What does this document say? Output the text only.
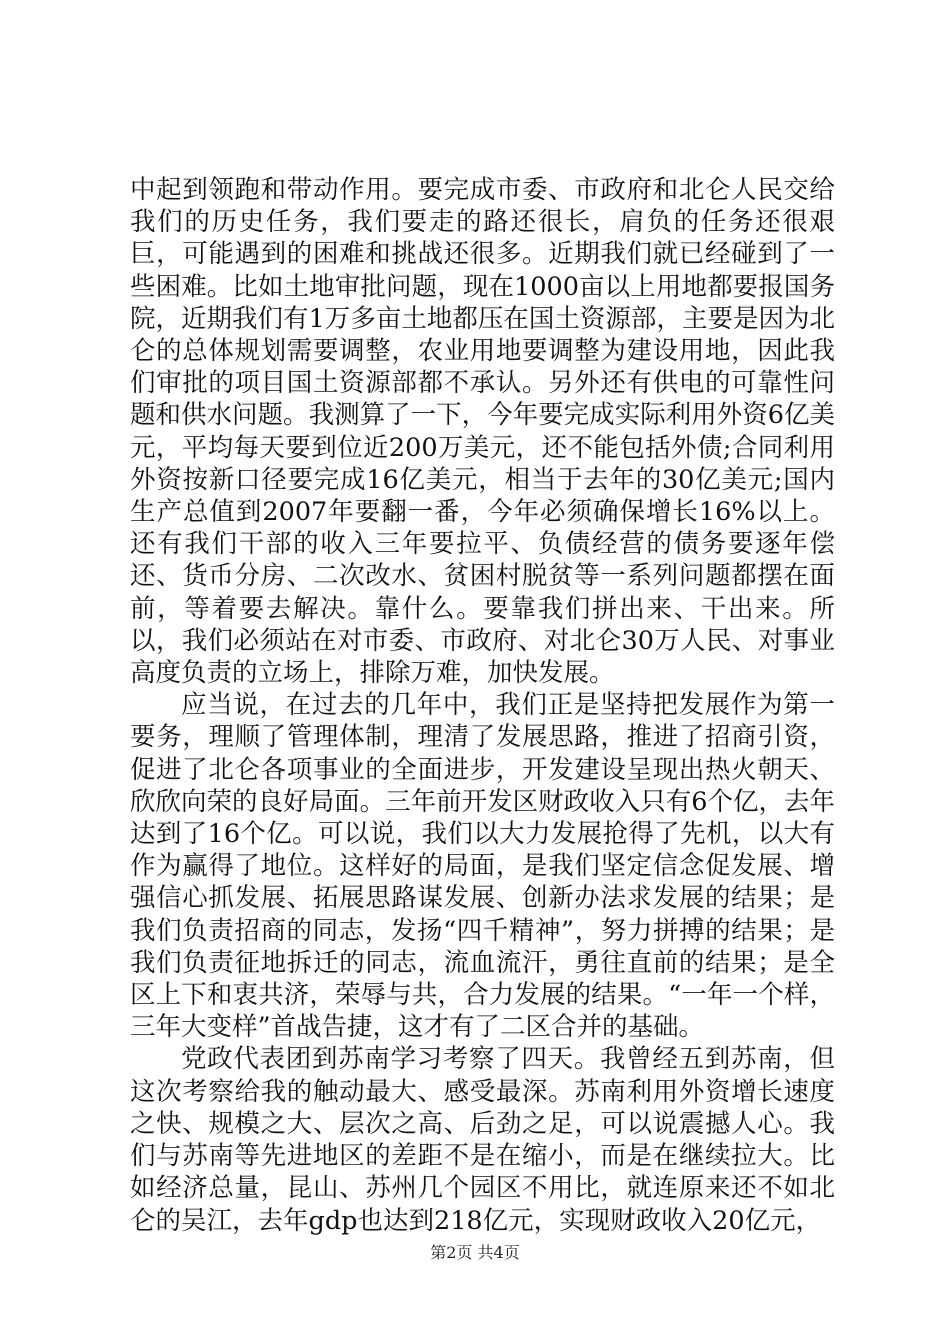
中起到领跑和带动作用。要完成市委、市政府和北仑人民交给我们的历史任务，我们要走的路还很长，肩负的任务还很艰巨，可能遇到的困难和挑战还很多。近期我们就已经碰到了一些困难。比如土地审批问题，现在1000亩以上用地都要报国务院，近期我们有1万多亩土地都压在国土资源部，主要是因为北仑的总体规划需要调整，农业用地要调整为建设用地，因此我们审批的项目国土资源部都不承认。另外还有供电的可靠性问题和供水问题。我测算了一下，今年要完成实际利用外资6亿美元，平均每天要到位近200万美元，还不能包括外债;合同利用外资按新口径要完成16亿美元，相当于去年的30亿美元;国内生产总值到2007年要翻一番，今年必须确保增长16%以上。还有我们干部的收入三年要拉平、负债经营的债务要逐年偿还、货币分房、二次改水、贫困村脱贫等一系列问题都摆在面前，等着要去解决。靠什么。要靠我们拼出来、干出来。所以，我们必须站在对市委、市政府、对北仑30万人民、对事业高度负责的立场上，排除万难，加快发展。

应当说，在过去的几年中，我们正是坚持把发展作为第一要务，理顺了管理体制，理清了发展思路，推进了招商引资，促进了北仑各项事业的全面进步，开发建设呈现出热火朝天、欣欣向荣的良好局面。三年前开发区财政收入只有6个亿，去年达到了16个亿。可以说，我们以大力发展抢得了先机，以大有作为赢得了地位。这样好的局面，是我们坚定信念促发展、增强信心抓发展、拓展思路谋发展、创新办法求发展的结果；是我们负责招商的同志，发扬“四千精神”，努力拼搏的结果；是我们负责征地拆迁的同志，流血流汗，勇往直前的结果；是全区上下和衷共济，荣辱与共，合力发展的结果。“一年一个样，三年大变样”首战告捷，这才有了二区合并的基础。

党政代表团到苏南学习考察了四天。我曾经五到苏南，但这次考察给我的触动最大、感受最深。苏南利用外资增长速度之快、规模之大、层次之高、后劲之足，可以说震撼人心。我们与苏南等先进地区的差距不是在缩小，而是在继续拉大。比如经济总量，昆山、苏州几个园区不用比，就连原来还不如北仑的吴江，去年gdp也达到218亿元，实现财政收入20亿元，

第2页 共4页
